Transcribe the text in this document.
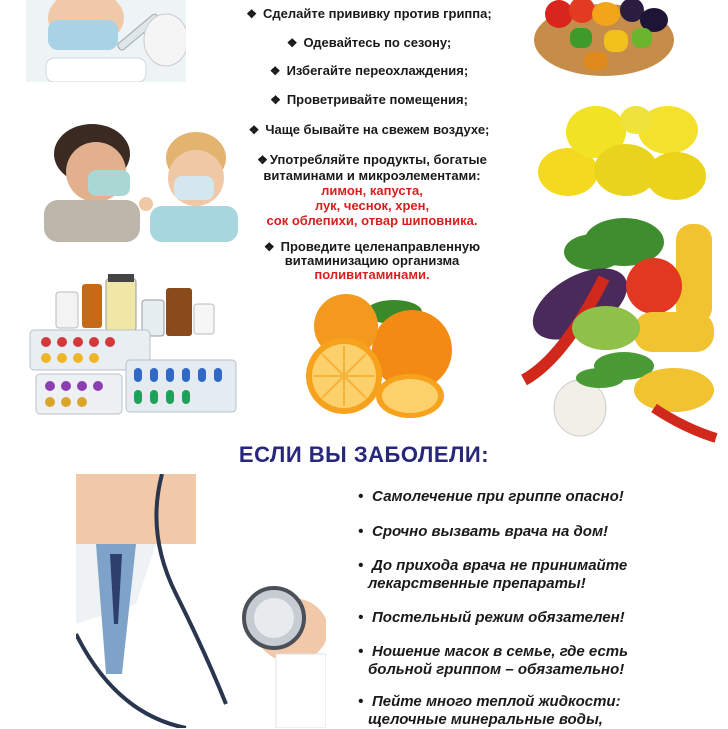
❖ Сделайте прививку против гриппа;
❖ Одевайтесь по сезону;
❖ Избегайте переохлаждения;
❖ Проветривайте помещения;
❖ Чаще бывайте на свежем воздухе;
❖ Употребляйте продукты, богатые
витаминами и микроэлементами:
лимон, капуста,
лук, чеснок, хрен,
сок облепихи, отвар шиповника.
❖ Проведите целенаправленную
витаминизацию организма
поливитаминами.
ЕСЛИ ВЫ ЗАБОЛЕЛИ:
• Самолечение при гриппе опасно!
• Срочно вызвать врача на дом!
• До прихода врача не принимайте
лекарственные препараты!
• Постельный режим обязателен!
• Ношение масок в семье, где есть
больной гриппом – обязательно!
• Пейте много теплой жидкости:
щелочные минеральные воды,
